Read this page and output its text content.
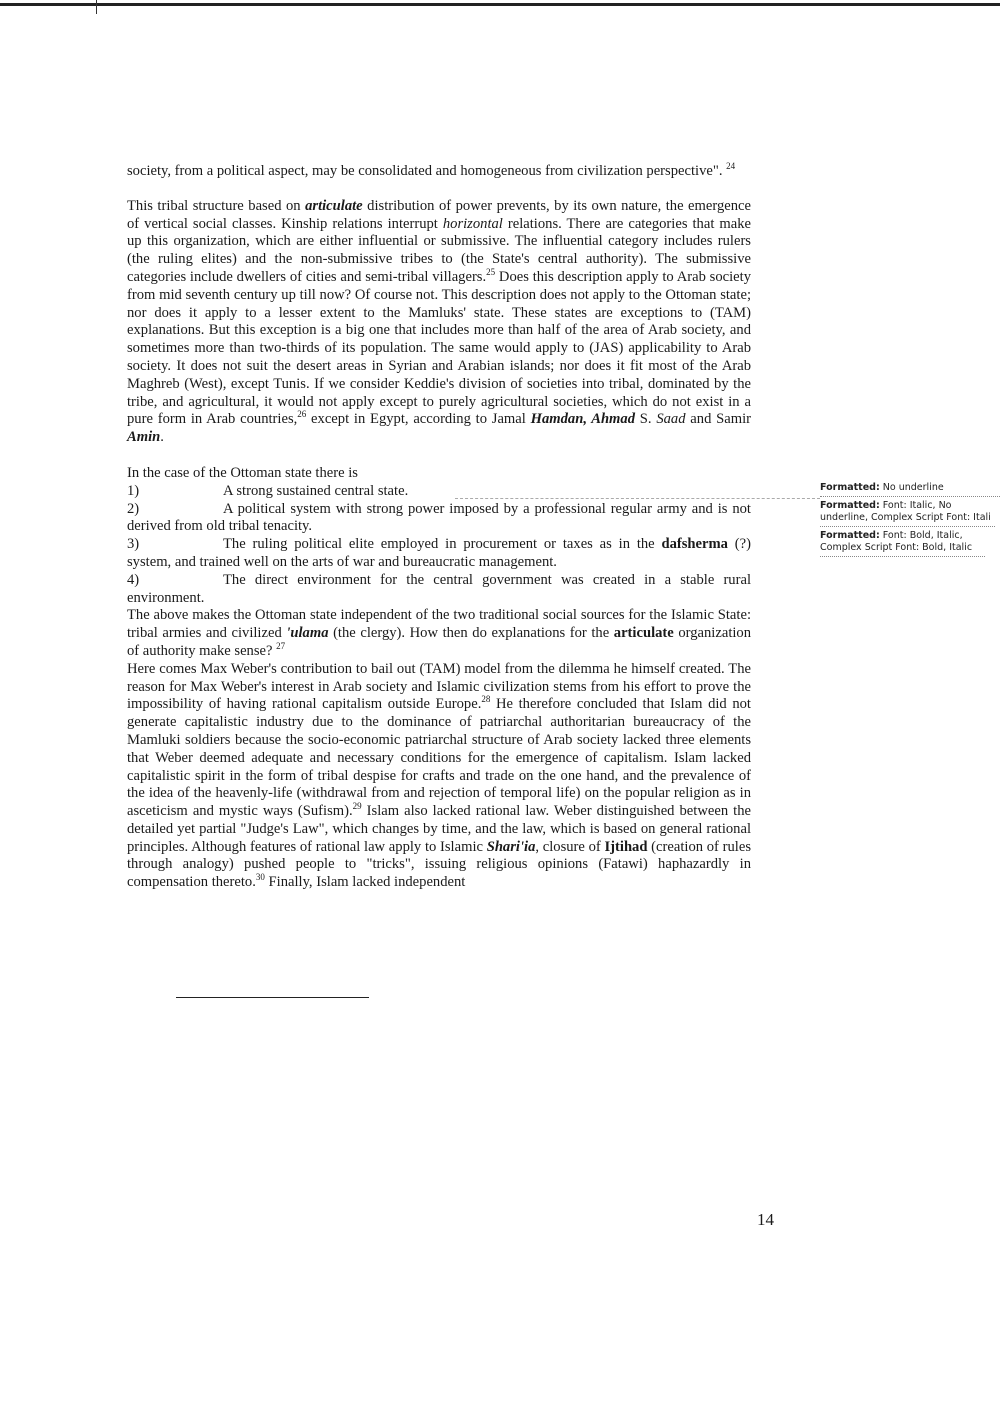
society, from a political aspect, may be consolidated and homogeneous from civilization perspective". $^{24}$

This tribal structure based on articulate distribution of power prevents, by its own nature, the emergence of vertical social classes. Kinship relations interrupt horizontal relations. There are categories that make up this organization, which are either influential or submissive. The influential category includes rulers (the ruling elites) and the non-submissive tribes to (the State's central authority). The submissive categories include dwellers of cities and semi-tribal villagers.$^{25}$ Does this description apply to Arab society from mid seventh century up till now? Of course not. This description does not apply to the Ottoman state; nor does it apply to a lesser extent to the Mamluks' state. These states are exceptions to (TAM) explanations. But this exception is a big one that includes more than half of the area of Arab society, and sometimes more than two-thirds of its population. The same would apply to (JAS) applicability to Arab society. It does not suit the desert areas in Syrian and Arabian islands; nor does it fit most of the Arab Maghreb (West), except Tunis. If we consider Keddie's division of societies into tribal, dominated by the tribe, and agricultural, it would not apply except to purely agricultural societies, which do not exist in a pure form in Arab countries,$^{26}$ except in Egypt, according to Jamal Hamdan, Ahmad S. Saad and Samir Amin.

In the case of the Ottoman state there is

1)	A strong sustained central state.

2)	A political system with strong power imposed by a professional regular army and is not derived from old tribal tenacity.

3)	The ruling political elite employed in procurement or taxes as in the dafsherma (?) system, and trained well on the arts of war and bureaucratic management.

4)	The direct environment for the central government was created in a stable rural environment.

The above makes the Ottoman state independent of the two traditional social sources for the Islamic State: tribal armies and civilized 'ulama (the clergy). How then do explanations for the articulate organization of authority make sense? $^{27}$

Here comes Max Weber's contribution to bail out (TAM) model from the dilemma he himself created. The reason for Max Weber's interest in Arab society and Islamic civilization stems from his effort to prove the impossibility of having rational capitalism outside Europe.$^{28}$ He therefore concluded that Islam did not generate capitalistic industry due to the dominance of patriarchal authoritarian bureaucracy of the Mamluki soldiers because the socio-economic patriarchal structure of Arab society lacked three elements that Weber deemed adequate and necessary conditions for the emergence of capitalism. Islam lacked capitalistic spirit in the form of tribal despise for crafts and trade on the one hand, and the prevalence of the idea of the heavenly-life (withdrawal from and rejection of temporal life) on the popular religion as in asceticism and mystic ways (Sufism).$^{29}$ Islam also lacked rational law. Weber distinguished between the detailed yet partial "Judge's Law", which changes by time, and the law, which is based on general rational principles. Although features of rational law apply to Islamic Shari'ia, closure of Ijtihad (creation of rules through analogy) pushed people to "tricks", issuing religious opinions (Fatawi) haphazardly in compensation thereto.$^{30}$ Finally, Islam lacked independent

Formatted: No underline
Formatted: Font: Italic, No underline, Complex Script Font: Itali
Formatted: Font: Bold, Italic, Complex Script Font: Bold, Italic
14
